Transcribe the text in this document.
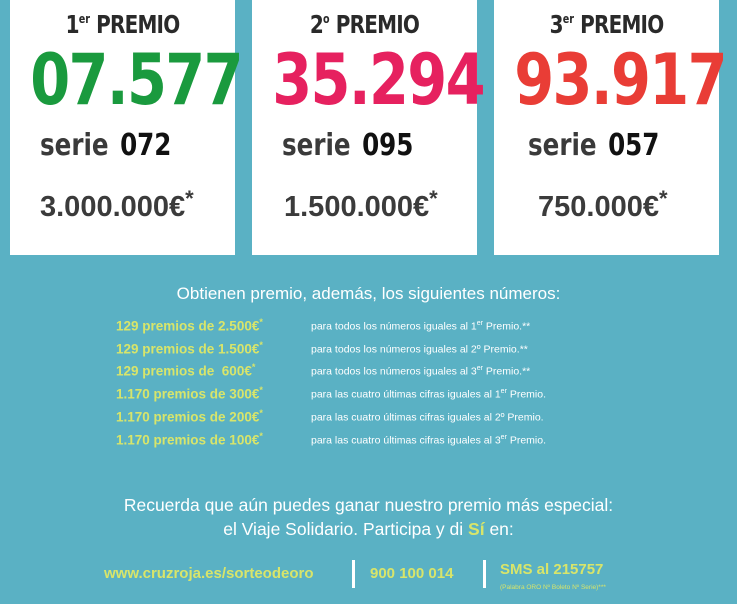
1er PREMIO
07.577
serie 072
3.000.000€*
2$^o$ PREMIO
35.294
serie 095
1.500.000€*
3er PREMIO
93.917
serie 057
750.000€*
Obtienen premio, además, los siguientes números:
129 premios de 2.500€*	para todos los números iguales al 1er Premio.**
129 premios de 1.500€*	para todos los números iguales al 2º Premio.**
129 premios de  600€*	para todos los números iguales al 3er Premio.**
1.170 premios de 300€*	para las cuatro últimas cifras iguales al 1er Premio.
1.170 premios de 200€*	para las cuatro últimas cifras iguales al 2º Premio.
1.170 premios de 100€*	para las cuatro últimas cifras iguales al 3er Premio.
Recuerda que aún puedes ganar nuestro premio más especial:
el Viaje Solidario. Participa y di Sí en:
www.cruzroja.es/sorteodeoro	900 100 014	SMS al 215757
(Palabra ORO Nº Boleto Nº Serie)***
